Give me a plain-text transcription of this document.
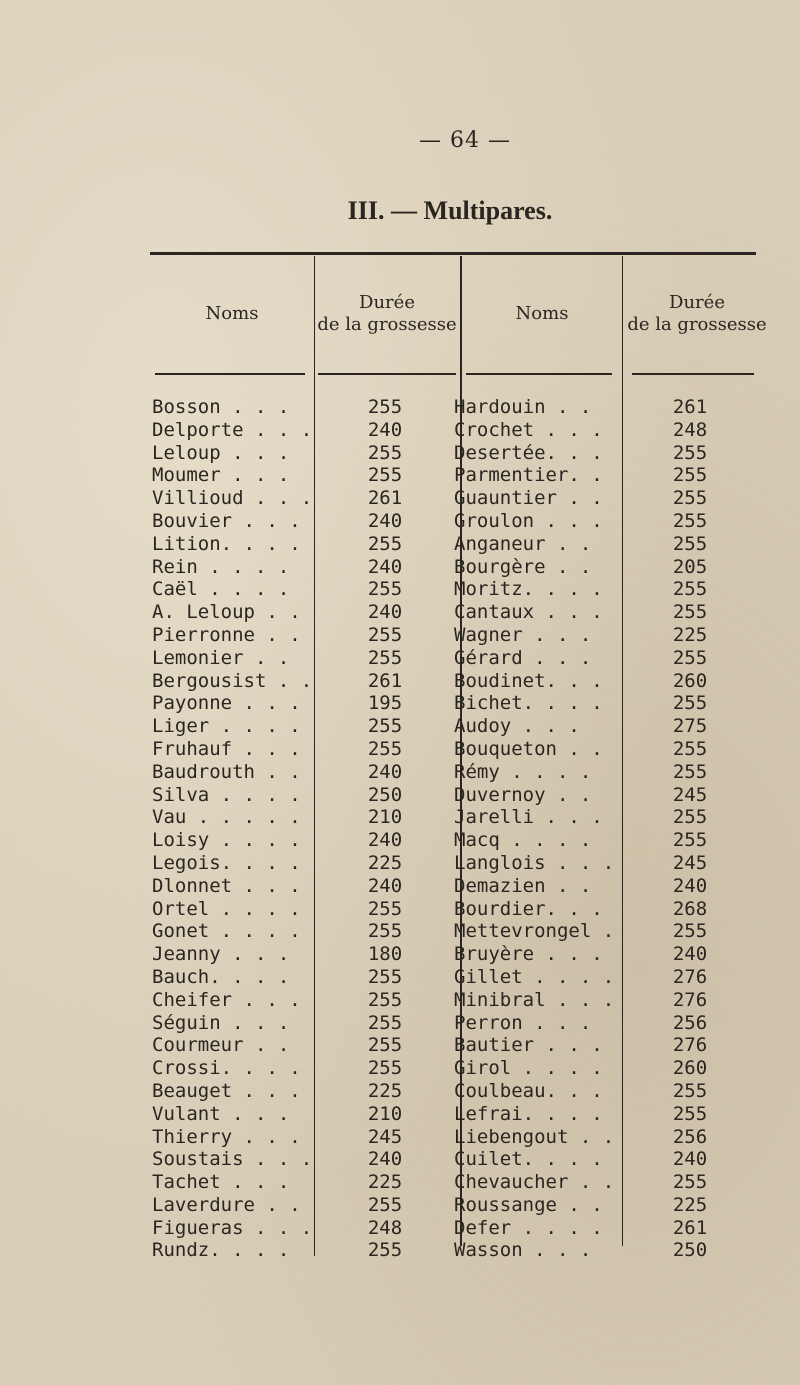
— 64 —
III. — Multipares.
Noms
Durée
de la grossesse
Noms
Durée
de la grossesse
Bosson . . .	255	Hardouin . .	261
Delporte . . .	240	Crochet . . .	248
Leloup . . .	255	Desertée. . .	255
Moumer . . .	255	Parmentier. .	255
Villioud . . .	261	Guauntier . .	255
Bouvier . . .	240	Groulon . . .	255
Lition. . . .	255	Anganeur . .	255
Rein . . . .	240	Bourgère . .	205
Caël . . . .	255	Moritz. . . .	255
A. Leloup . .	240	Cantaux . . .	255
Pierronne . .	255	Wagner . . .	225
Lemonier . .	255	Gérard . . .	255
Bergousist . .	261	Boudinet. . .	260
Payonne . . .	195	Bichet. . . .	255
Liger . . . .	255	Audoy . . .	275
Fruhauf . . .	255	Bouqueton . .	255
Baudrouth . .	240	Rémy . . . .	255
Silva . . . .	250	Duvernoy . .	245
Vau . . . . .	210	Jarelli . . .	255
Loisy . . . .	240	Macq . . . .	255
Legois. . . .	225	Langlois . . .	245
Dlonnet . . .	240	Demazien . .	240
Ortel . . . .	255	Bourdier. . .	268
Gonet . . . .	255	Mettevrongel .	255
Jeanny . . .	180	Bruyère . . .	240
Bauch. . . .	255	Gillet . . . .	276
Cheifer . . .	255	Minibral . . .	276
Séguin . . .	255	Perron . . .	256
Courmeur . .	255	Bautier . . .	276
Crossi. . . .	255	Girol . . . .	260
Beauget . . .	225	Coulbeau. . .	255
Vulant . . .	210	Lefrai. . . .	255
Thierry . . .	245	Liebengout . .	256
Soustais . . .	240	Cuilet. . . .	240
Tachet . . .	225	Chevaucher . .	255
Laverdure . .	255	Roussange . .	225
Figueras . . .	248	Defer . . . .	261
Rundz. . . .	255	Wasson . . .	250
